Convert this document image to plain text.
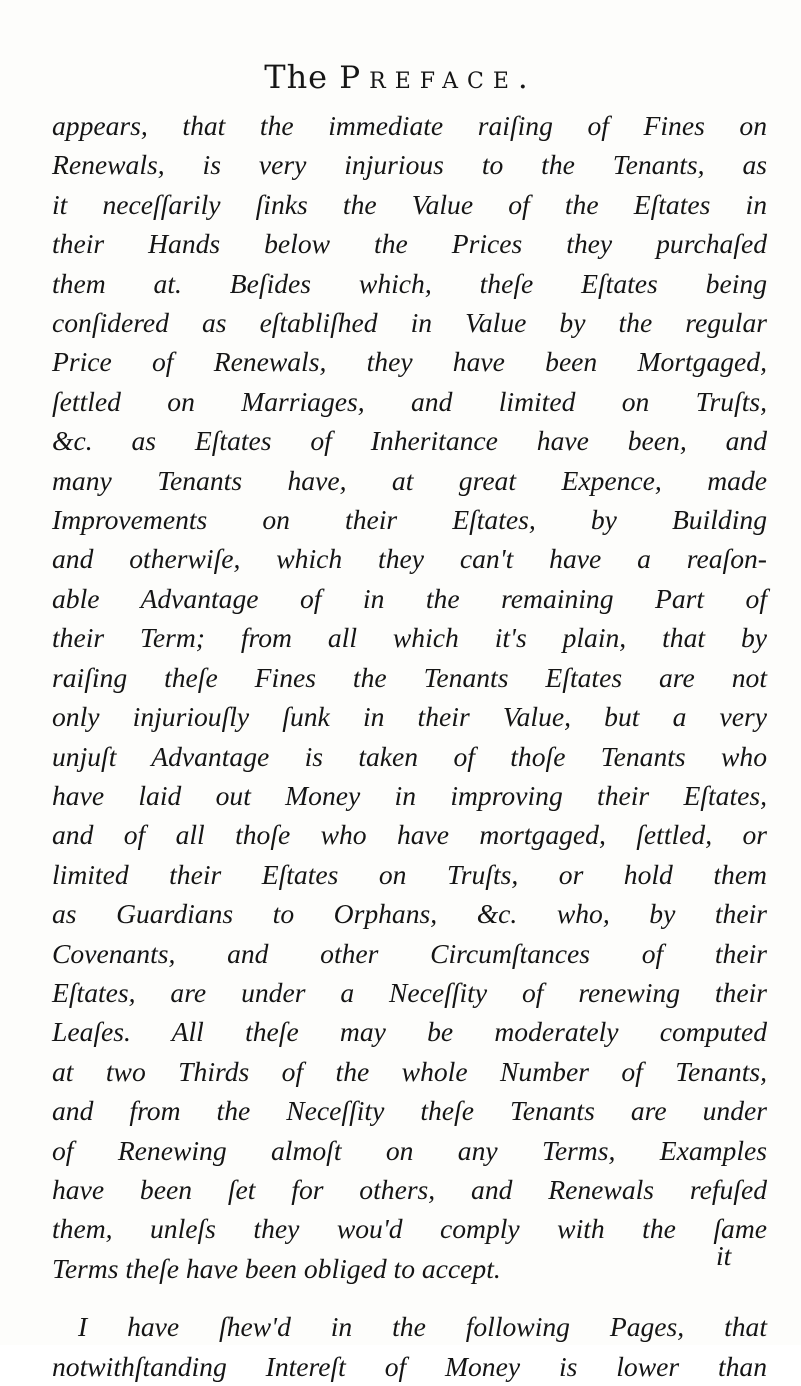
The Preface.
appears, that the immediate raiſing of Fines on
Renewals, is very injurious to the Tenants, as
it neceſſarily ſinks the Value of the Eſtates in
their Hands below the Prices they purchaſed
them at. Beſides which, theſe Eſtates being
conſidered as eſtabliſhed in Value by the regular
Price of Renewals, they have been Mortgaged,
ſettled on Marriages, and limited on Truſts,
&c. as Eſtates of Inheritance have been, and
many Tenants have, at great Expence, made
Improvements on their Eſtates, by Building
and otherwiſe, which they can't have a reaſon-
able Advantage of in the remaining Part of
their Term; from all which it's plain, that by
raiſing theſe Fines the Tenants Eſtates are not
only injuriouſly ſunk in their Value, but a very
unjuſt Advantage is taken of thoſe Tenants who
have laid out Money in improving their Eſtates,
and of all thoſe who have mortgaged, ſettled, or
limited their Eſtates on Truſts, or hold them
as Guardians to Orphans, &c. who, by their
Covenants, and other Circumſtances of their
Eſtates, are under a Neceſſity of renewing their
Leaſes. All theſe may be moderately computed
at two Thirds of the whole Number of Tenants,
and from the Neceſſity theſe Tenants are under
of Renewing almoſt on any Terms, Examples
have been ſet for others, and Renewals refuſed
them, unleſs they wou'd comply with the ſame
Terms theſe have been obliged to accept.
I have ſhew'd in the following Pages, that
notwithſtanding Intereſt of Money is lower than
it
